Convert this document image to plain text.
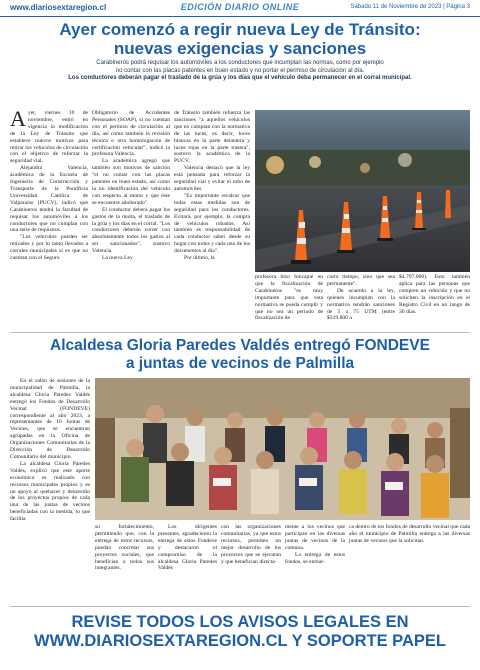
www.diariosextaregion.cl	EDICIÓN DIARIO ONLINE	Sábado 11 de Noviembre de 2023 | Página 3
Ayer comenzó a regir nueva Ley de Tránsito:
nuevas exigencias y sanciones
Carabineros podrá requisar los automóviles a los conductores que incumplan las normas, como por ejemplo
no contar con las placas patentes en buen estado y no portar el permiso de circulación al día.
Los conductores deberán pagar el traslado de la grúa y los días que el vehículo deba permanecer en el corral municipal.
A yer, viernes 10 de noviembre, entró en vigencia la modificación de la Ley de Tránsito que establece nuevos motivos para retirar los vehículos de circulación con el objetivo de reforzar la seguridad vial.

Alejandra Valencia, académica de la Escuela de Ingeniería de Construcción y Transporte de la Pontificia Universidad Católica de Valparaíso (PUCV), indicó que Carabineros tendrá la facultad de requisar los automóviles a los conductores que no cumplan con una serie de requisitos.

"Los vehículos pueden ser retirados y por lo tanto llevados a corrales municipales si es que no cuentan con el Seguro

Obligatorio de Accidentes Personales (SOAP), si no cuentan con el permiso de circulación al día, así como también la revisión técnica o otra homologación de certificación vehicular", indicó la profesora Valencia.

La académica agregó que también son motivos de sanción "el no contar con las placas patentes en buen estado, así como la no identificación del vehículo con respecto al motor y que éste se encuentre adulterado".

El conductor deberá pagar los gastos de la multa, el traslado de la grúa y los días en el corral. "Los conductores deberán correr con absolutamente todos los gastos al ser sancionados", sostuvo Valencia.

La nueva Ley

de Tránsito también refuerza las sanciones "a aquellos vehículos que no cumplan con la normativa de las luces, es decir, luces blancas en la parte delantera y luces rojas en la parte trasera", sostuvo la académica de la PUCV.

Valencia destacó que la ley está pensada para reforzar la seguridad vial y evitar el robo de automóviles.

"Es importante recalcar que todas estas medidas son de seguridad para los conductores. Evitará, por ejemplo, la compra de vehículos robados. Así también es responsabilidad de cada conductor saber desde su hogar con todos y cada uno de los documentos al día".

Por último, la

profesora hizo hincapié en que la fiscalización de Carabineros "es muy importante para que esta normativa se pueda cumplir y que no sea un periodo de fiscalización de

corto tiempo, sino que sea permanente".

De acuerdo a la ley, quienes incumplan con la normativa tendrán sanciones de 5 a 75 UTM (entre $319.800 a

$4.797.000). Esto también aplica para las personas que compren un vehículo y que no soliciten la inscripción en el Registro Civil en un rango de 30 días.

Alcaldesa Gloria Paredes Valdés entregó FONDEVE
a juntas de vecinos de Palmilla

En el salón de sesiones de la municipalidad de Palmilla, la alcaldesa Gloria Paredes Valdés entregó los Fondos de Desarrollo Vecinal (FONDEVE) correspondiente al año 2023, a representantes de 10 Juntas de Vecinos, que se encuentran agrupadas en la Oficina de Organizaciones Comunitarias de la Dirección de Desarrollo Comunitario del municipio.

La alcaldesa Gloria Paredes Valdés, explicó que este aporte económico es realizado con recursos municipales propios y es un apoyo al quehacer y desarrollo de los proyectos propios de cada una de las juntas de vecinos beneficiadas con la medida, lo que facilita

su fortalecimiento, permitiendo que, con la entrega de estos recursos, puedan concretar sus proyectos sociales, que benefician a todos sus integrantes.

Los dirigentes presentes, agradecieron la entrega de estos Fondeve y destacaron el compromiso de la alcaldesa Gloria Paredes Valdés

con las organizaciones comunitarias, ya que estos recursos, permiten un mejor desarrollo de los proyectos que se ejecutan y que benefician directa-

mente a los vecinos que participan en las diversas juntas de vecinos de la comuna.

La entrega de estos fondos, se enmar-

ca dentro de los fondos de desarrollo vecinal que cada año el municipio de Palmilla entrega a las diversas juntas de vecinos que la solicitan.

REVISE TODOS LOS AVISOS LEGALES EN
WWW.DIARIOSEXTAREGION.CL Y SOPORTE PAPEL
